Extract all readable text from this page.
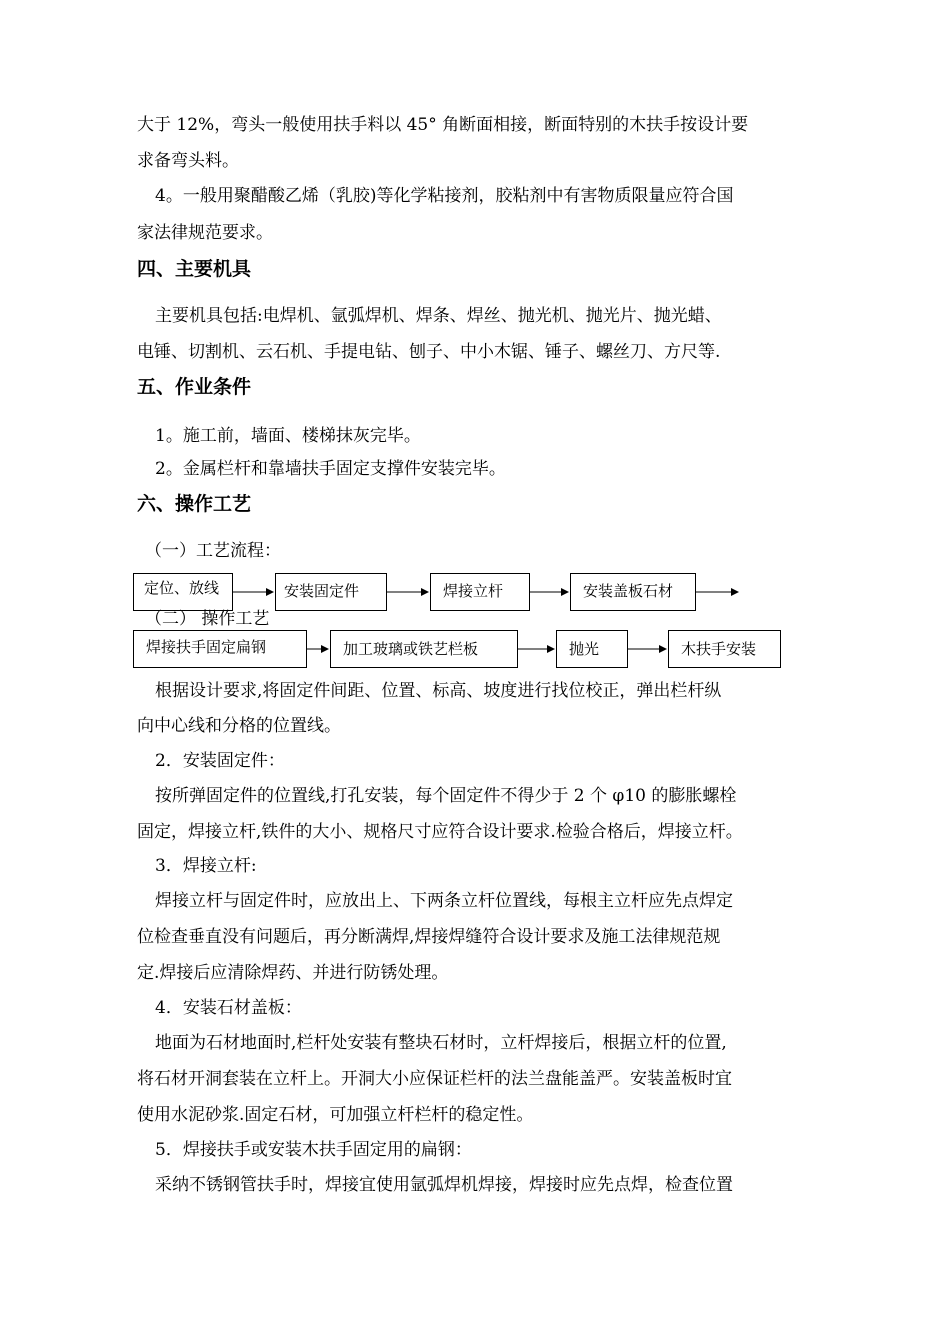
大于 12%，弯头一般使用扶手料以 45° 角断面相接，断面特别的木扶手按设计要
求备弯头料。
4。一般用聚醋酸乙烯（乳胶)等化学粘接剂，胶粘剂中有害物质限量应符合国
家法律规范要求。
四、主要机具
主要机具包括:电焊机、氩弧焊机、焊条、焊丝、抛光机、抛光片、抛光蜡、
电锤、切割机、云石机、手提电钻、刨子、中小木锯、锤子、螺丝刀、方尺等.
五、作业条件
1。施工前，墙面、楼梯抹灰完毕。
2。金属栏杆和靠墙扶手固定支撑件安装完毕。
六、操作工艺
（一）工艺流程：
定位、放线
（二） 操作工艺
安装固定件	焊接立杆	安装盖板石材
焊接扶手固定扁钢	加工玻璃或铁艺栏板	抛光	木扶手安装
根据设计要求,将固定件间距、位置、标高、坡度进行找位校正，弹出栏杆纵
向中心线和分格的位置线。
2．安装固定件：
按所弹固定件的位置线,打孔安装，每个固定件不得少于 2 个 φ10 的膨胀螺栓
固定，焊接立杆,铁件的大小、规格尺寸应符合设计要求.检验合格后，焊接立杆。
3．焊接立杆:
焊接立杆与固定件时，应放出上、下两条立杆位置线，每根主立杆应先点焊定
位检查垂直没有问题后，再分断满焊,焊接焊缝符合设计要求及施工法律规范规
定.焊接后应清除焊药、并进行防锈处理。
4．安装石材盖板：
地面为石材地面时,栏杆处安装有整块石材时，立杆焊接后，根据立杆的位置,
将石材开洞套装在立杆上。开洞大小应保证栏杆的法兰盘能盖严。安装盖板时宜
使用水泥砂浆.固定石材，可加强立杆栏杆的稳定性。
5．焊接扶手或安装木扶手固定用的扁钢：
采纳不锈钢管扶手时，焊接宜使用氩弧焊机焊接，焊接时应先点焊，检查位置
